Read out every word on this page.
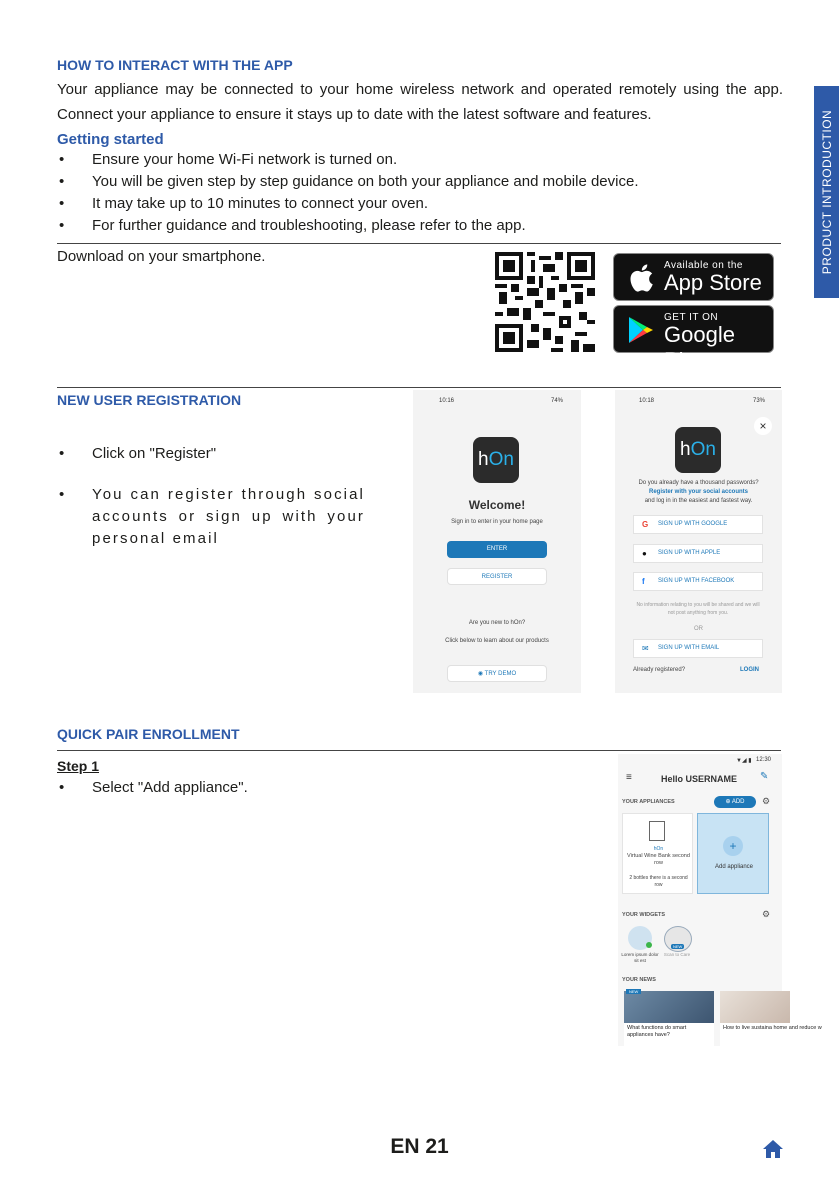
PRODUCT INTRODUCTION
HOW TO INTERACT WITH THE APP
Your appliance may be connected to your home wireless network and operated remotely using the app. Connect your appliance to ensure it stays up to date with the latest software and features.
Getting started
• Ensure your home Wi-Fi network is turned on.
• You will be given step by step guidance on both your appliance and mobile device.
• It may take up to 10 minutes to connect your oven.
• For further guidance and troubleshooting, please refer to the app.
Download on your smartphone.
Available on the
App Store
GET IT ON
Google Play
NEW USER REGISTRATION
• Click on "Register"
• You can register through social accounts or sign up with your personal email
10:16	74%
hOn
Welcome!
Sign in to enter in your home page
ENTER
REGISTER
Are you new to hOn?
Click below to learn about our products
◉ TRY DEMO
10:18	73%
×
hOn
Do you already have a thousand passwords?
Register with your social accounts
and log in in the easiest and fastest way.
G SIGN UP WITH GOOGLE
● SIGN UP WITH APPLE
f SIGN UP WITH FACEBOOK
No information relating to you will be shared and we will not post anything from you.
OR
✉ SIGN UP WITH EMAIL
Already registered?	LOGIN
QUICK PAIR ENROLLMENT
Step 1
• Select "Add appliance".
▼◢ ▮ 12:30
≡	Hello USERNAME ✎
YOUR APPLIANCES	⊕ ADD	⚙
hOn
Virtual Wine Bank second row
2 bottles there is a second row
+
Add appliance
YOUR WIDGETS	⚙
NEW
Lorem ipsum dolor sit est
Scan to Care
YOUR NEWS
NEW
What functions do smart appliances have?
How to live sustaina home and reduce w
EN 21
